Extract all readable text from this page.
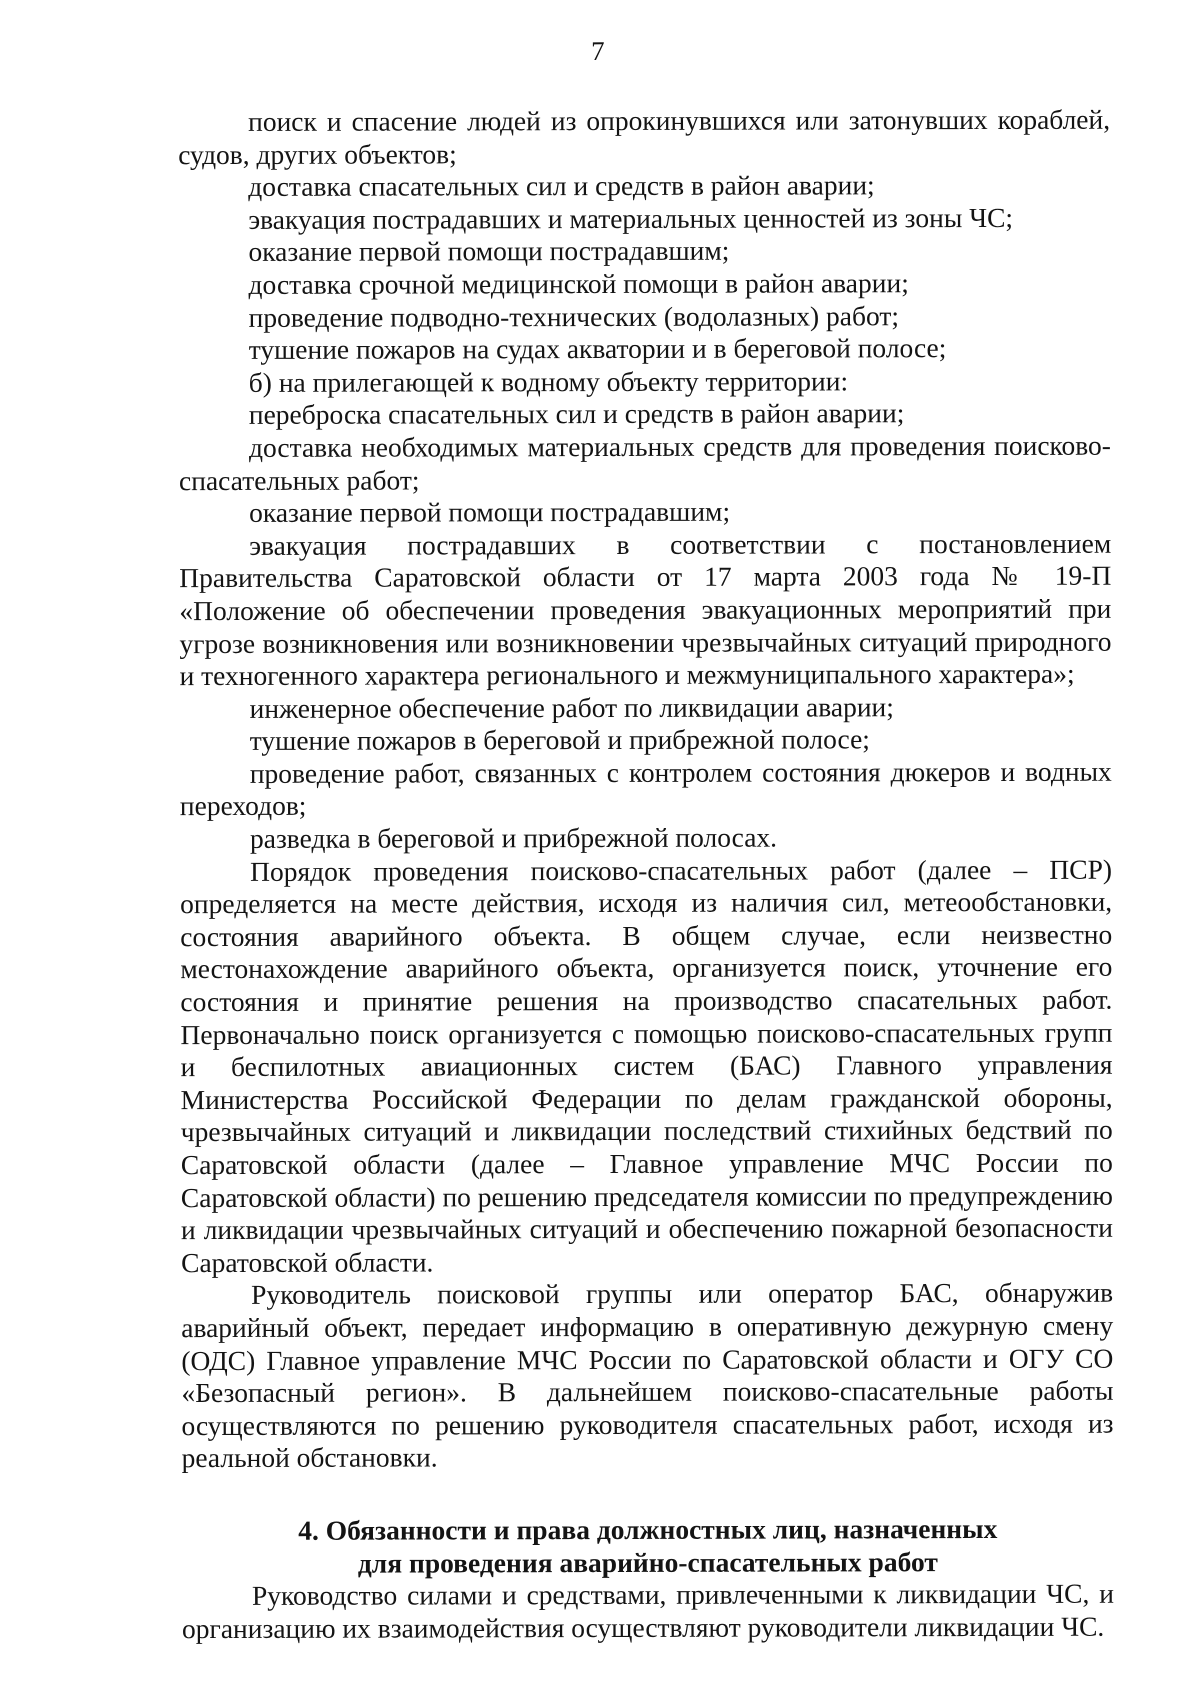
7

поиск и спасение людей из опрокинувшихся или затонувших кораблей, судов, других объектов;

доставка спасательных сил и средств в район аварии;

эвакуация пострадавших и материальных ценностей из зоны ЧС;

оказание первой помощи пострадавшим;

доставка срочной медицинской помощи в район аварии;

проведение подводно-технических (водолазных) работ;

тушение пожаров на судах акватории и в береговой полосе;

б) на прилегающей к водному объекту территории:

переброска спасательных сил и средств в район аварии;

доставка необходимых материальных средств для проведения поисково-спасательных работ;

оказание первой помощи пострадавшим;

эвакуация пострадавших в соответствии с постановлением Правительства Саратовской области от 17 марта 2003 года № 19-П «Положение об обеспечении проведения эвакуационных мероприятий при угрозе возникновения или возникновении чрезвычайных ситуаций природного и техногенного характера регионального и межмуниципального характера»;

инженерное обеспечение работ по ликвидации аварии;

тушение пожаров в береговой и прибрежной полосе;

проведение работ, связанных с контролем состояния дюкеров и водных переходов;

разведка в береговой и прибрежной полосах.

Порядок проведения поисково-спасательных работ (далее – ПСР) определяется на месте действия, исходя из наличия сил, метеообстановки, состояния аварийного объекта. В общем случае, если неизвестно местонахождение аварийного объекта, организуется поиск, уточнение его состояния и принятие решения на производство спасательных работ. Первоначально поиск организуется с помощью поисково-спасательных групп и беспилотных авиационных систем (БАС) Главного управления Министерства Российской Федерации по делам гражданской обороны, чрезвычайных ситуаций и ликвидации последствий стихийных бедствий по Саратовской области (далее – Главное управление МЧС России по Саратовской области) по решению председателя комиссии по предупреждению и ликвидации чрезвычайных ситуаций и обеспечению пожарной безопасности Саратовской области.

Руководитель поисковой группы или оператор БАС, обнаружив аварийный объект, передает информацию в оперативную дежурную смену (ОДС) Главное управление МЧС России по Саратовской области и ОГУ СО «Безопасный регион». В дальнейшем поисково-спасательные работы осуществляются по решению руководителя спасательных работ, исходя из реальной обстановки.

4. Обязанности и права должностных лиц, назначенных
для проведения аварийно-спасательных работ

Руководство силами и средствами, привлеченными к ликвидации ЧС, и организацию их взаимодействия осуществляют руководители ликвидации ЧС.
